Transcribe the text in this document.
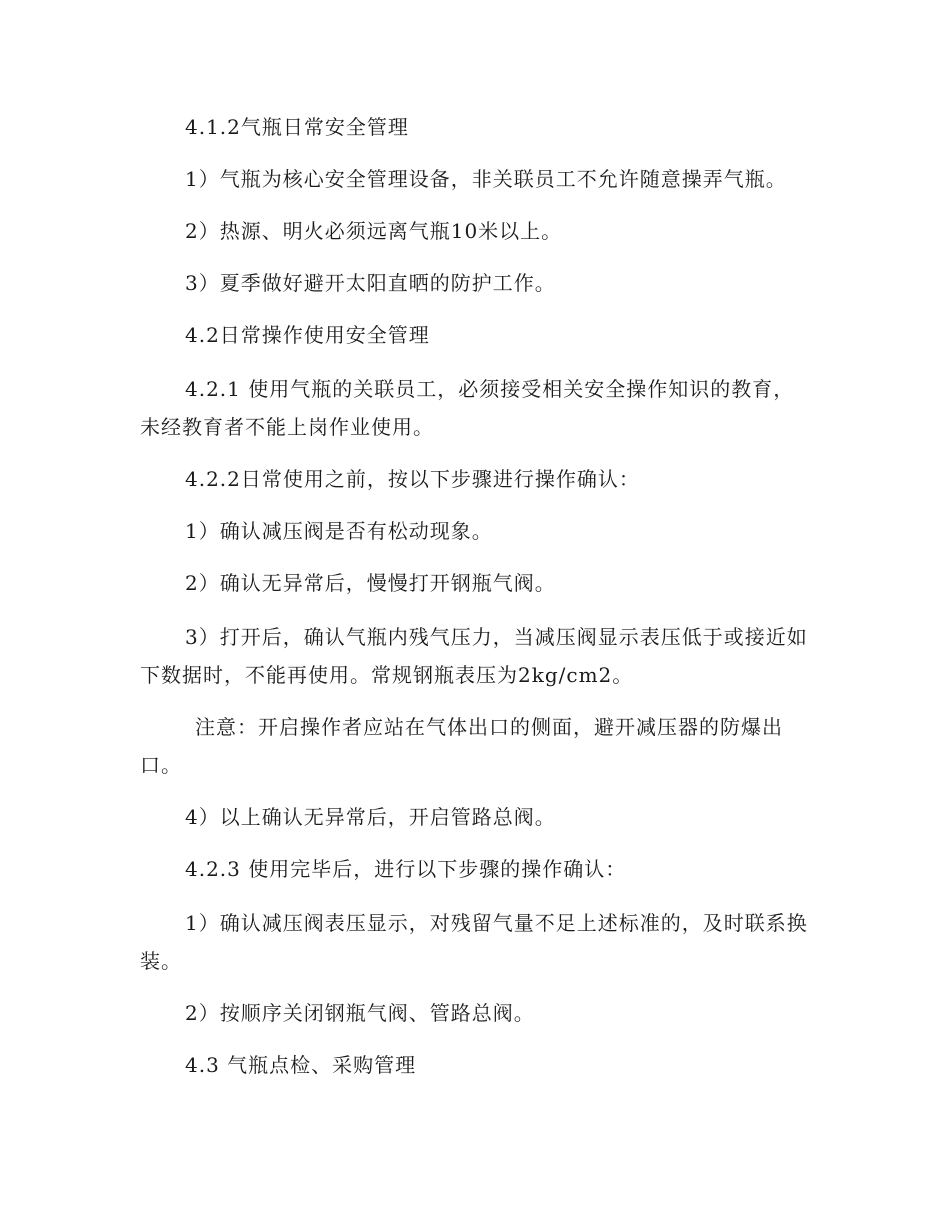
4.1.2气瓶日常安全管理

1）气瓶为核心安全管理设备，非关联员工不允许随意操弄气瓶。

2）热源、明火必须远离气瓶10米以上。

3）夏季做好避开太阳直晒的防护工作。

4.2日常操作使用安全管理

4.2.1 使用气瓶的关联员工，必须接受相关安全操作知识的教育，未经教育者不能上岗作业使用。

4.2.2日常使用之前，按以下步骤进行操作确认：

1）确认减压阀是否有松动现象。

2）确认无异常后，慢慢打开钢瓶气阀。

3）打开后，确认气瓶内残气压力，当减压阀显示表压低于或接近如下数据时，不能再使用。常规钢瓶表压为2kg/cm2。

注意：开启操作者应站在气体出口的侧面，避开减压器的防爆出口。

4）以上确认无异常后，开启管路总阀。

4.2.3 使用完毕后，进行以下步骤的操作确认：

1）确认减压阀表压显示，对残留气量不足上述标准的，及时联系换装。

2）按顺序关闭钢瓶气阀、管路总阀。

4.3 气瓶点检、采购管理
